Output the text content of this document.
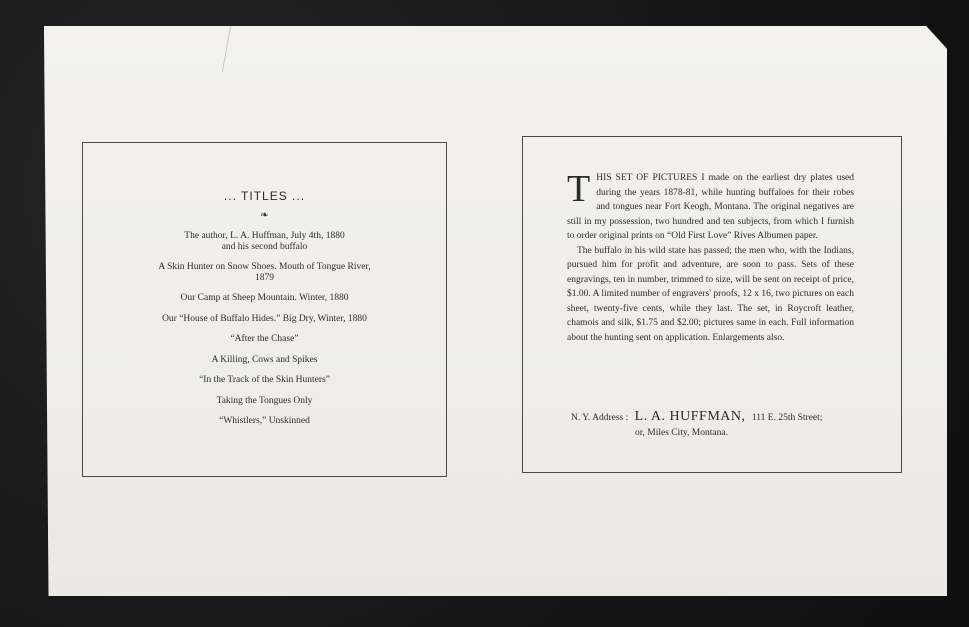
... TITLES ...
❧
The author, L. A. Huffman, July 4th, 1880
and his second buffalo
A Skin Hunter on Snow Shoes. Mouth of Tongue River,
1879
Our Camp at Sheep Mountain. Winter, 1880
Our “House of Buffalo Hides.” Big Dry, Winter, 1880
“After the Chase”
A Killing, Cows and Spikes
“In the Track of the Skin Hunters”
Taking the Tongues Only
“Whistlers,” Unskinned
T HIS SET OF PICTURES I made on the earliest dry plates used during the years 1878-81, while hunting buffaloes for their robes and tongues near Fort Keogh, Montana. The original negatives are still in my possession, two hundred and ten subjects, from which I furnish to order original prints on “Old First Love” Rives Albumen paper.
The buffalo in his wild state has passed; the men who, with the Indians, pursued him for profit and adventure, are soon to pass. Sets of these engravings, ten in number, trimmed to size, will be sent on receipt of price, $1.00. A limited number of engravers' proofs, 12 x 16, two pictures on each sheet, twenty-five cents, while they last. The set, in Roycroft leather, chamois and silk, $1.75 and $2.00; pictures same in each. Full information about the hunting sent on application. Enlargements also.
N. Y. Address : L. A. HUFFMAN, 111 E. 25th Street;
or, Miles City, Montana.
